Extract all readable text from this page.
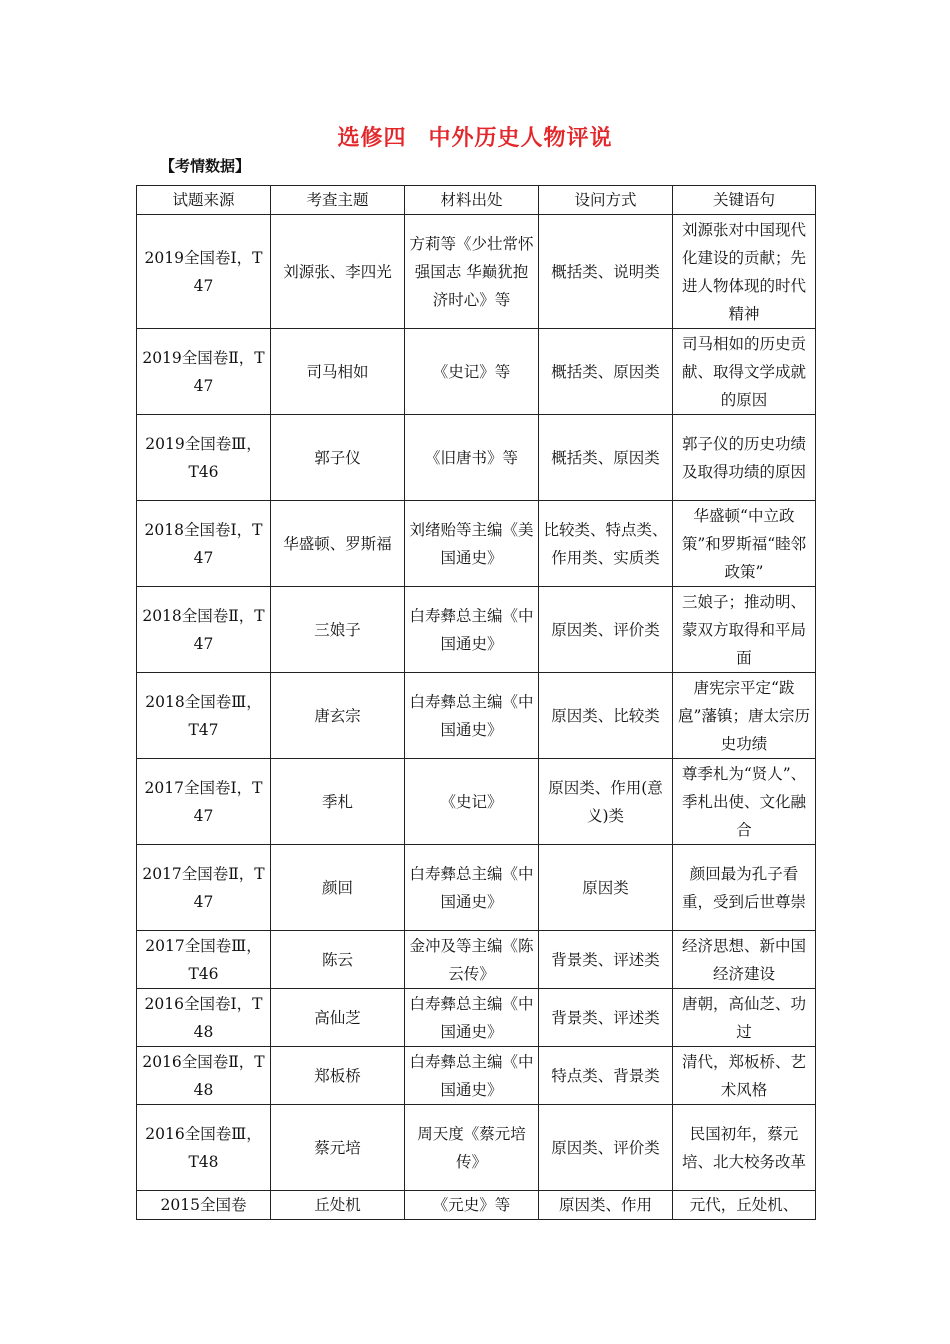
选修四 中外历史人物评说
【考情数据】
试题来源	考查主题	材料出处	设问方式	关键语句
2019全国卷Ⅰ，T47	刘源张、李四光	方莉等《少壮常怀强国志 华巅犹抱济时心》等	概括类、说明类	刘源张对中国现代化建设的贡献；先进人物体现的时代精神
2019全国卷Ⅱ，T47	司马相如	《史记》等	概括类、原因类	司马相如的历史贡献、取得文学成就的原因
2019全国卷Ⅲ，T46	郭子仪	《旧唐书》等	概括类、原因类	郭子仪的历史功绩及取得功绩的原因
2018全国卷Ⅰ，T47	华盛顿、罗斯福	刘绪贻等主编《美国通史》	比较类、特点类、作用类、实质类	华盛顿“中立政策”和罗斯福“睦邻政策”
2018全国卷Ⅱ，T47	三娘子	白寿彝总主编《中国通史》	原因类、评价类	三娘子；推动明、蒙双方取得和平局面
2018全国卷Ⅲ，T47	唐玄宗	白寿彝总主编《中国通史》	原因类、比较类	唐宪宗平定“跋扈”藩镇；唐太宗历史功绩
2017全国卷Ⅰ，T47	季札	《史记》	原因类、作用(意义)类	尊季札为“贤人”、季札出使、文化融合
2017全国卷Ⅱ，T47	颜回	白寿彝总主编《中国通史》	原因类	颜回最为孔子看重，受到后世尊崇
2017全国卷Ⅲ，T46	陈云	金冲及等主编《陈云传》	背景类、评述类	经济思想、新中国经济建设
2016全国卷Ⅰ，T48	高仙芝	白寿彝总主编《中国通史》	背景类、评述类	唐朝，高仙芝、功过
2016全国卷Ⅱ，T48	郑板桥	白寿彝总主编《中国通史》	特点类、背景类	清代，郑板桥、艺术风格
2016全国卷Ⅲ，T48	蔡元培	周天度《蔡元培传》	原因类、评价类	民国初年，蔡元培、北大校务改革
2015全国卷	丘处机	《元史》等	原因类、作用	元代，丘处机、
